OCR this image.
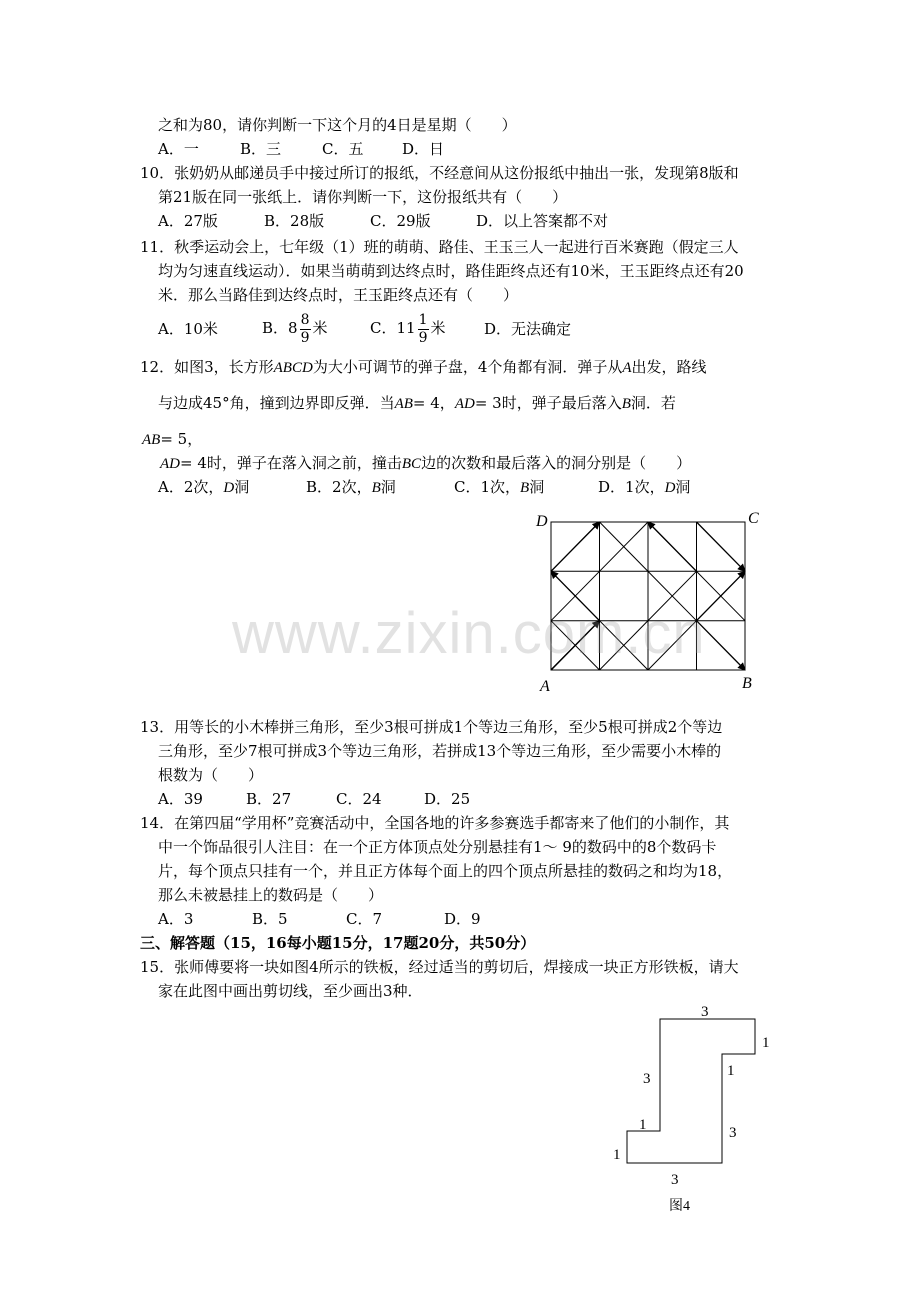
之和为80，请你判断一下这个月的4日是星期（　　）
A．一	B．三	C．五	D．日
10．张奶奶从邮递员手中接过所订的报纸，不经意间从这份报纸中抽出一张，发现第8版和
第21版在同一张纸上．请你判断一下，这份报纸共有（　　）
A．27版	B．28版	C．29版	D．以上答案都不对
11．秋季运动会上，七年级（1）班的萌萌、路佳、王玉三人一起进行百米赛跑（假定三人
均为匀速直线运动）．如果当萌萌到达终点时，路佳距终点还有10米，王玉距终点还有20
米．那么当路佳到达终点时，王玉距终点还有（　　）
A．10米	B．$8 \frac{8}{9}$ 米	C．$11 \frac{1}{9}$ 米	D．无法确定
12．如图3，长方形ABCD为大小可调节的弹子盘，4个角都有洞．弹子从A出发，路线
与边成45°角，撞到边界即反弹．当AB= 4，AD= 3时，弹子最后落入B洞．若
AB= 5，
AD= 4时，弹子在落入洞之前，撞击BC边的次数和最后落入的洞分别是（　　）
A．2次，D洞	B．2次，B洞	C．1次，B洞	D．1次，D洞
D	C
A	B
www.zixin.com.cn
13．用等长的小木棒拼三角形，至少3根可拼成1个等边三角形，至少5根可拼成2个等边
三角形，至少7根可拼成3个等边三角形，若拼成13个等边三角形，至少需要小木棒的
根数为（　　）
A．39	B．27	C．24	D．25
14．在第四届“学用杯”竞赛活动中，全国各地的许多参赛选手都寄来了他们的小制作，其
中一个饰品很引人注目：在一个正方体顶点处分别悬挂有1～ 9的数码中的8个数码卡
片，每个顶点只挂有一个，并且正方体每个面上的四个顶点所悬挂的数码之和均为18，
那么未被悬挂上的数码是（　　）
A．3	B．5	C．7	D．9
三、解答题（15，16每小题15分，17题20分，共50分）
15．张师傅要将一块如图4所示的铁板，经过适当的剪切后，焊接成一块正方形铁板，请大
家在此图中画出剪切线，至少画出3种．
3
1
3	1
3
1
1
3
图4
